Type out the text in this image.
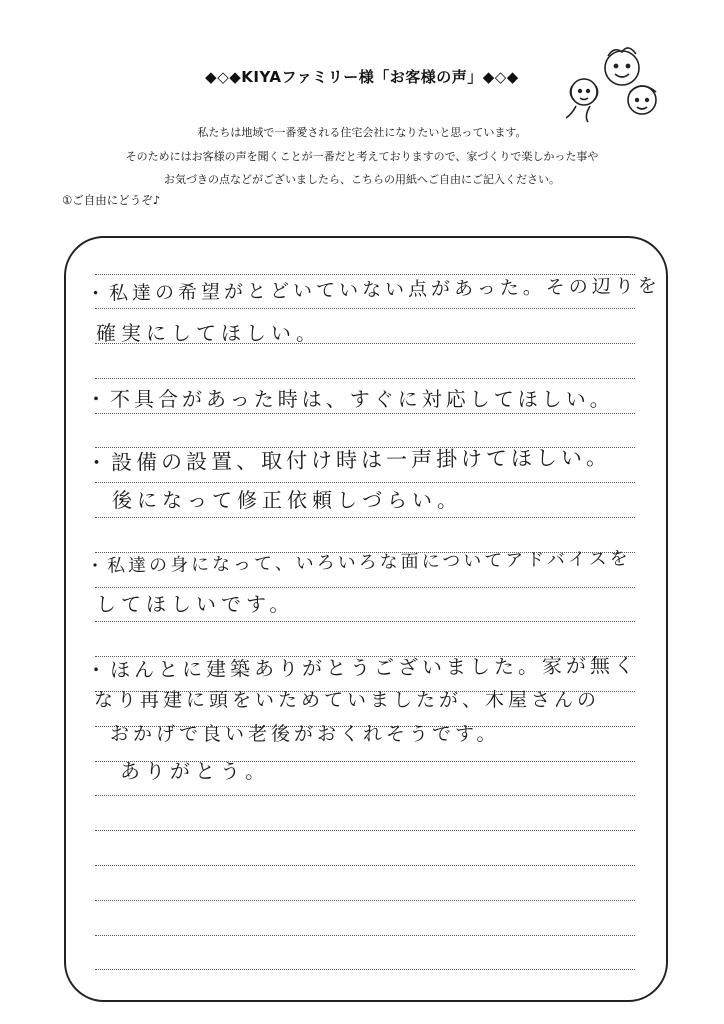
◆◇◆KIYAファミリー様「お客様の声」◆◇◆
私たちは地域で一番愛される住宅会社になりたいと思っています。
そのためにはお客様の声を聞くことが一番だと考えておりますので、家づくりで楽しかった事や
お気づきの点などがございましたら、こちらの用紙へご自由にご記入ください。
①ご自由にどうぞ♪
・私達の希望がとどいていない点があった。その辺りを
確実にしてほしい。
・不具合があった時は、すぐに対応してほしい。
・設備の設置、取付け時は一声掛けてほしい。
後になって修正依頼しづらい。
・私達の身になって、いろいろな面についてアドバイスを
してほしいです。
・ほんとに建築ありがとうございました。家が無く
なり再建に頭をいためていましたが、木屋さんの
おかげで良い老後がおくれそうです。
ありがとう。
